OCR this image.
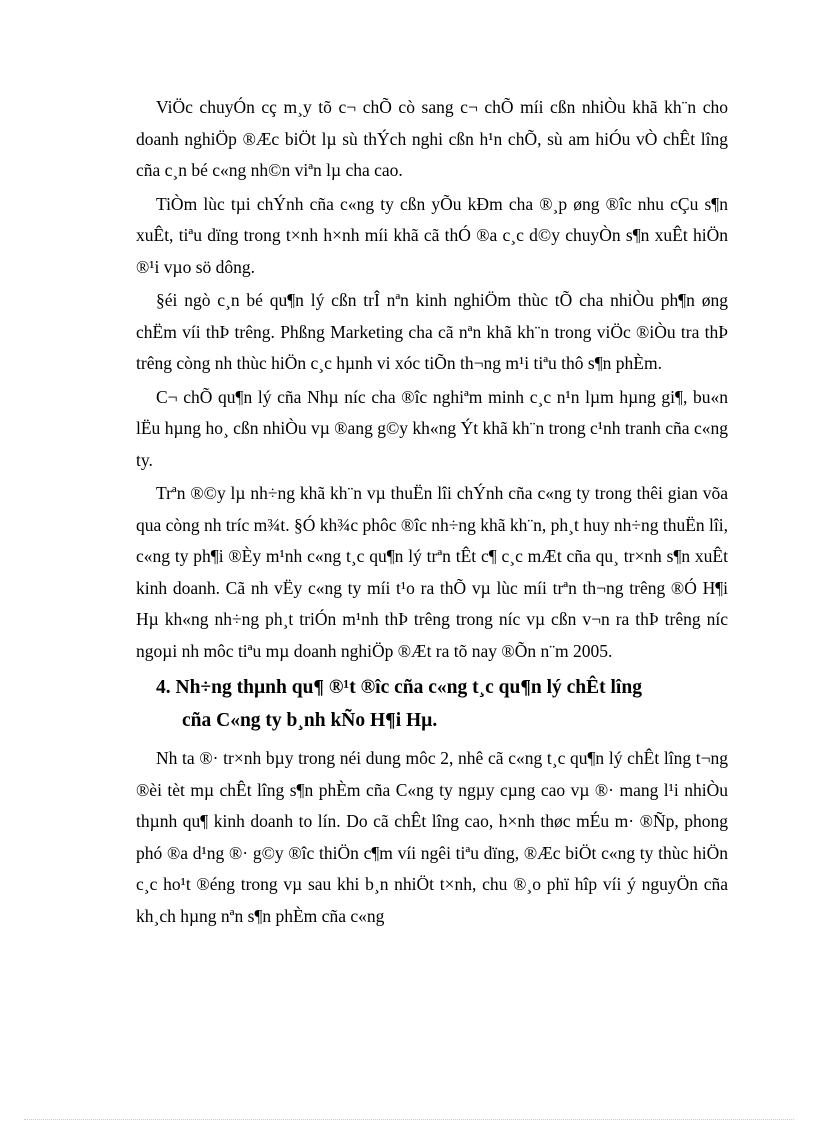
ViÖc chuyÓn cç m¸y tõ c¬ chÕ cò sang c¬ chÕ míi cßn nhiÒu khã kh¨n cho doanh nghiÖp ®Æc biÖt lµ sù thÝch nghi cßn h¹n chÕ, sù am hiÓu vÒ chÊt lîng cña c¸n bé c«ng nh©n viªn lµ cha cao.

TiÒm lùc tµi chÝnh cña c«ng ty cßn yÕu kÐm cha ®¸p øng ®îc nhu cÇu s¶n xuÊt, tiªu dïng trong t×nh h×nh míi khã cã thÓ ®a c¸c d©y chuyÒn s¶n xuÊt hiÖn ®¹i vµo sö dông.

§éi ngò c¸n bé qu¶n lý cßn trÎ nªn kinh nghiÖm thùc tÕ cha nhiÒu ph¶n øng chËm víi thÞ trêng. Phßng Marketing cha cã nªn khã kh¨n trong viÖc ®iÒu tra thÞ trêng còng nh thùc hiÖn c¸c hµnh vi xóc tiÕn th¬ng m¹i tiªu thô s¶n phÈm.

C¬ chÕ qu¶n lý cña Nhµ níc cha ®îc nghiªm minh c¸c n¹n lµm hµng gi¶, bu«n lËu hµng ho¸ cßn nhiÒu vµ ®ang g©y kh«ng Ýt khã kh¨n trong c¹nh tranh cña c«ng ty.

Trªn ®©y lµ nh÷ng khã kh¨n vµ thuËn lîi chÝnh cña c«ng ty trong thêi gian võa qua còng nh tríc m¾t. §Ó kh¾c phôc ®îc nh÷ng khã kh¨n, ph¸t huy nh÷ng thuËn lîi, c«ng ty ph¶i ®Èy m¹nh c«ng t¸c qu¶n lý trªn tÊt c¶ c¸c mÆt cña qu¸ tr×nh s¶n xuÊt kinh doanh. Cã nh vËy c«ng ty míi t¹o ra thÕ vµ lùc míi trªn th¬ng trêng ®Ó H¶i Hµ kh«ng nh÷ng ph¸t triÓn m¹nh thÞ trêng trong níc vµ cßn v¬n ra thÞ trêng níc ngoµi nh môc tiªu mµ doanh nghiÖp ®Æt ra tõ nay ®Õn n¨m 2005.

4. Nh÷ng thµnh qu¶ ®¹t ®îc cña c«ng t¸c qu¶n lý chÊt lîng
cña C«ng ty b¸nh kÑo H¶i Hµ.

Nh ta ®· tr×nh bµy trong néi dung môc 2, nhê cã c«ng t¸c qu¶n lý chÊt lîng t¬ng ®èi tèt mµ chÊt lîng s¶n phÈm cña C«ng ty ngµy cµng cao vµ ®· mang l¹i nhiÒu thµnh qu¶ kinh doanh to lín. Do cã chÊt lîng cao, h×nh thøc mÉu m· ®Ñp, phong phó ®a d¹ng ®· g©y ®îc thiÖn c¶m víi ngêi tiªu dïng, ®Æc biÖt c«ng ty thùc hiÖn c¸c ho¹t ®éng trong vµ sau khi b¸n nhiÖt t×nh, chu ®¸o phï hîp víi ý nguyÖn cña kh¸ch hµng nªn s¶n phÈm cña c«ng
